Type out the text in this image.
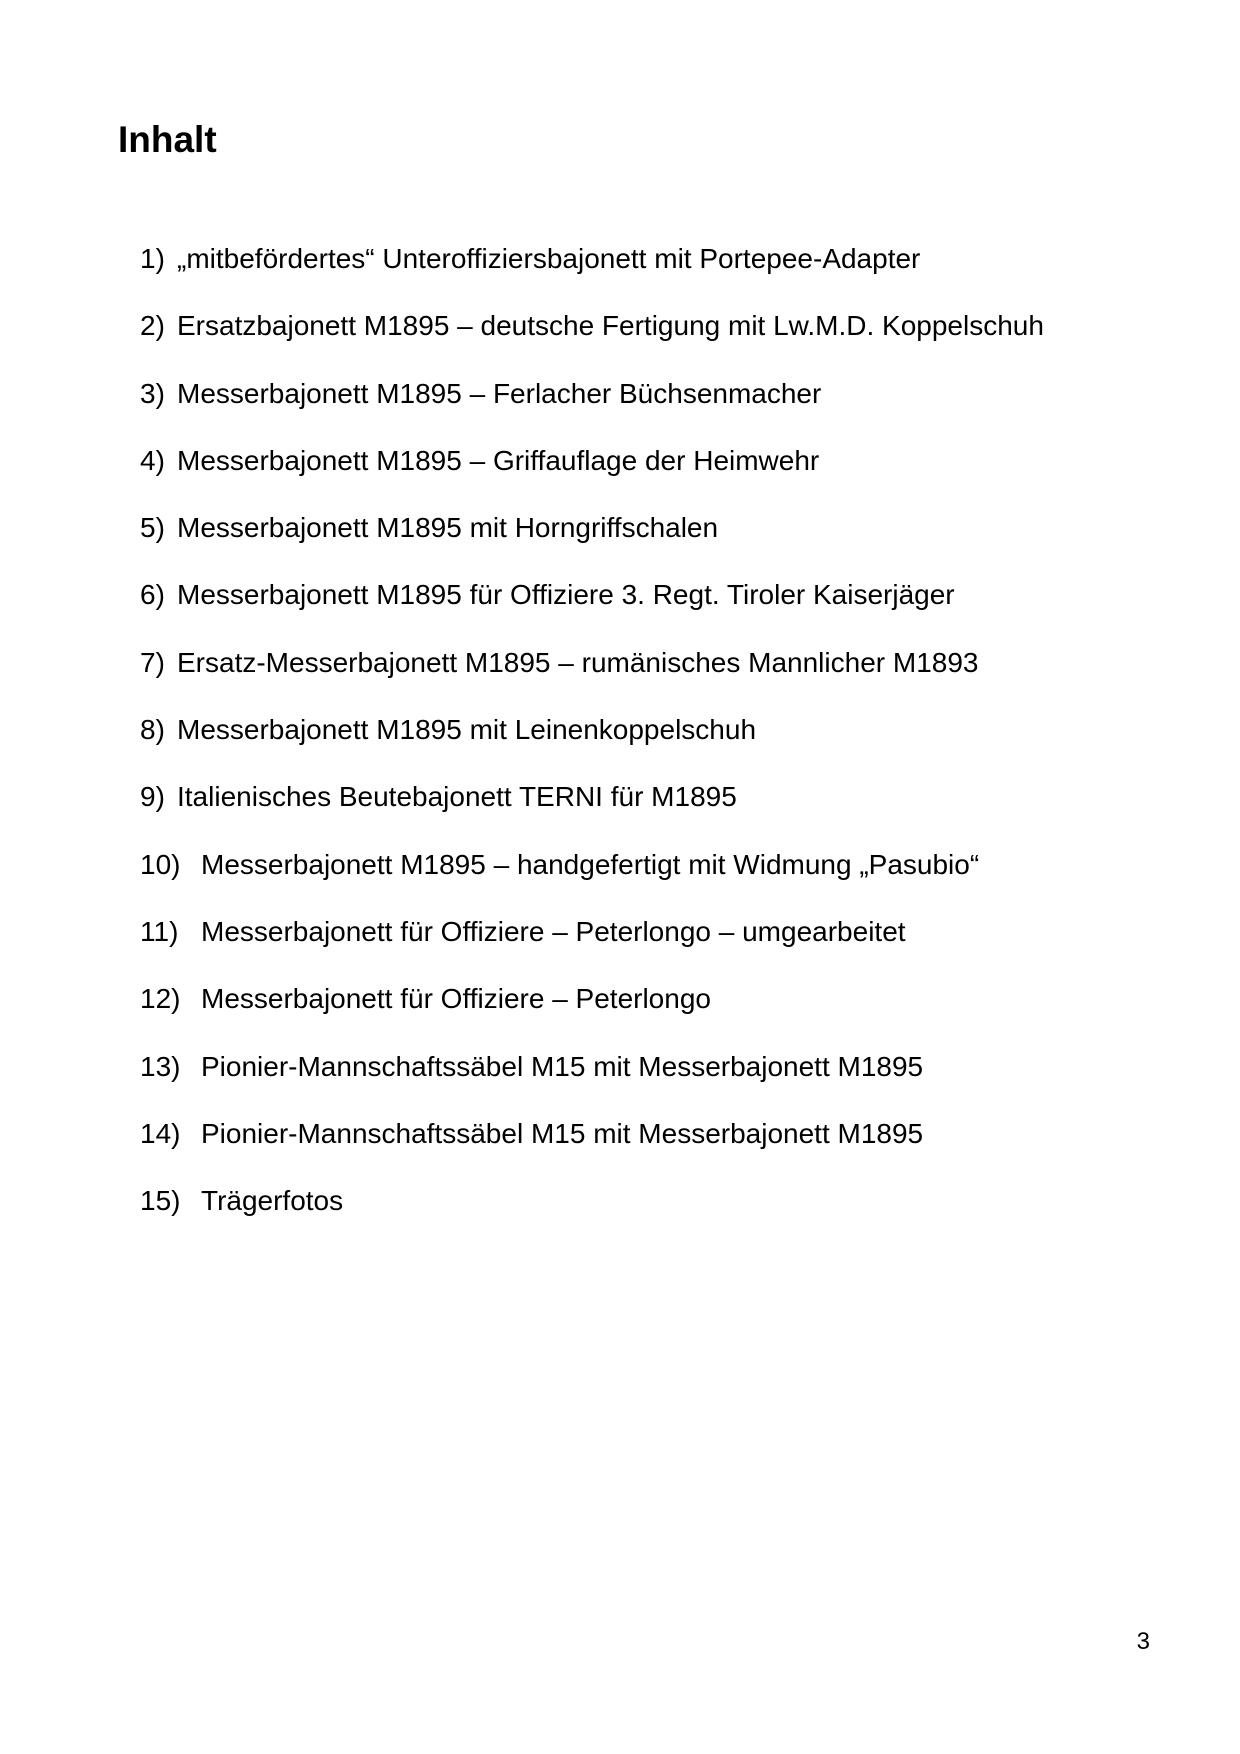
Inhalt
1) „mitbefördertes“ Unteroffiziersbajonett mit Portepee-Adapter
2) Ersatzbajonett M1895 – deutsche Fertigung mit Lw.M.D. Koppelschuh
3) Messerbajonett M1895 – Ferlacher Büchsenmacher
4) Messerbajonett M1895 – Griffauflage der Heimwehr
5) Messerbajonett M1895 mit Horngriffschalen
6) Messerbajonett M1895 für Offiziere 3. Regt. Tiroler Kaiserjäger
7) Ersatz-Messerbajonett M1895 – rumänisches Mannlicher M1893
8) Messerbajonett M1895 mit Leinenkoppelschuh
9) Italienisches Beutebajonett TERNI für M1895
10) Messerbajonett M1895 – handgefertigt mit Widmung „Pasubio“
11) Messerbajonett für Offiziere – Peterlongo – umgearbeitet
12) Messerbajonett für Offiziere – Peterlongo
13) Pionier-Mannschaftssäbel M15 mit Messerbajonett M1895
14) Pionier-Mannschaftssäbel M15 mit Messerbajonett M1895
15) Trägerfotos
3
